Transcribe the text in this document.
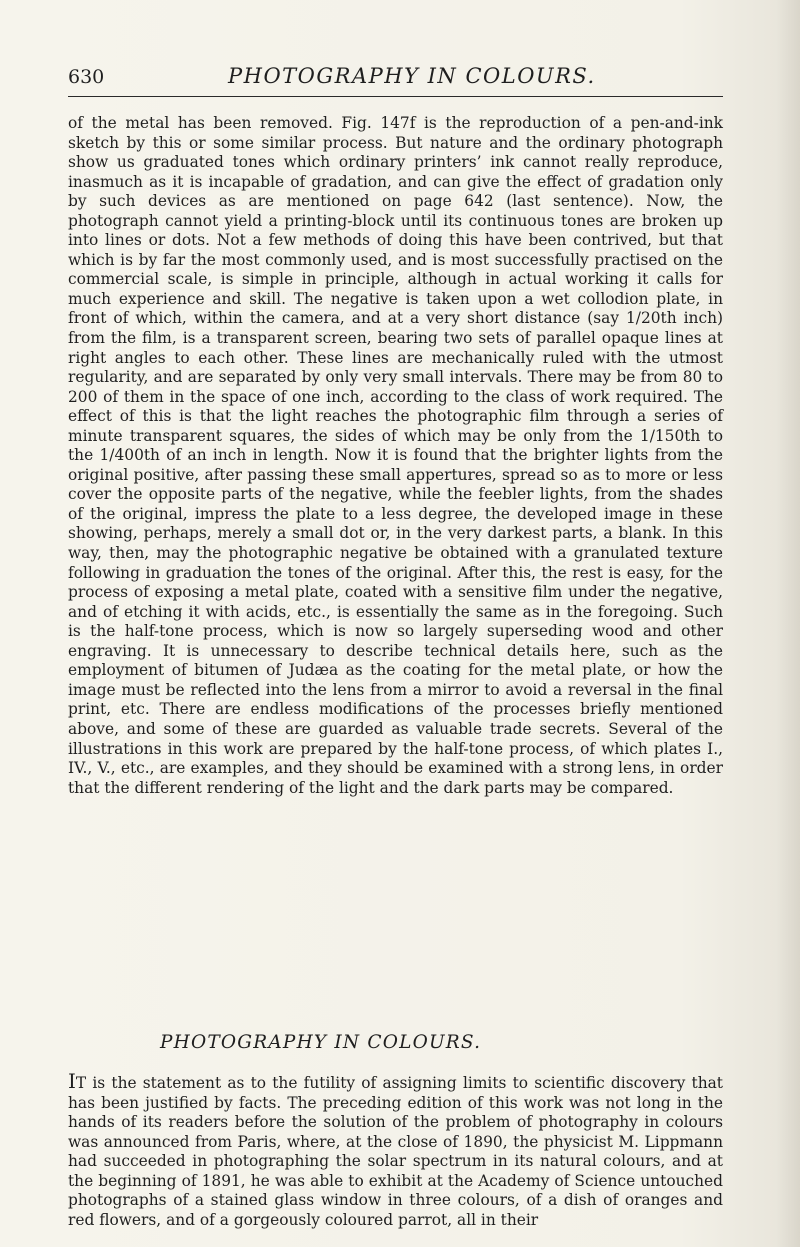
630	PHOTOGRAPHY IN COLOURS.

of the metal has been removed. Fig. 147f is the reproduction of a pen-and-ink sketch by this or some similar process. But nature and the ordinary photograph show us graduated tones which ordinary printers’ ink cannot really reproduce, inasmuch as it is incapable of gradation, and can give the effect of gradation only by such devices as are mentioned on page 642 (last sentence). Now, the photograph cannot yield a printing-block until its continuous tones are broken up into lines or dots. Not a few methods of doing this have been contrived, but that which is by far the most commonly used, and is most successfully practised on the commercial scale, is simple in principle, although in actual working it calls for much experience and skill. The negative is taken upon a wet collodion plate, in front of which, within the camera, and at a very short distance (say 1/20th inch) from the film, is a transparent screen, bearing two sets of parallel opaque lines at right angles to each other. These lines are mechanically ruled with the utmost regularity, and are separated by only very small intervals. There may be from 80 to 200 of them in the space of one inch, according to the class of work required. The effect of this is that the light reaches the photographic film through a series of minute transparent squares, the sides of which may be only from the 1/150th to the 1/400th of an inch in length. Now it is found that the brighter lights from the original positive, after passing these small appertures, spread so as to more or less cover the opposite parts of the negative, while the feebler lights, from the shades of the original, impress the plate to a less degree, the developed image in these showing, perhaps, merely a small dot or, in the very darkest parts, a blank. In this way, then, may the photographic negative be obtained with a granulated texture following in graduation the tones of the original. After this, the rest is easy, for the process of exposing a metal plate, coated with a sensitive film under the negative, and of etching it with acids, etc., is essentially the same as in the foregoing. Such is the half-tone process, which is now so largely superseding wood and other engraving. It is unnecessary to describe technical details here, such as the employment of bitumen of Judæa as the coating for the metal plate, or how the image must be reflected into the lens from a mirror to avoid a reversal in the final print, etc. There are endless modifications of the processes briefly mentioned above, and some of these are guarded as valuable trade secrets. Several of the illustrations in this work are prepared by the half-tone process, of which plates I., IV., V., etc., are examples, and they should be examined with a strong lens, in order that the different rendering of the light and the dark parts may be compared.

PHOTOGRAPHY IN COLOURS.

IT is the statement as to the futility of assigning limits to scientific discovery that has been justified by facts. The preceding edition of this work was not long in the hands of its readers before the solution of the problem of photography in colours was announced from Paris, where, at the close of 1890, the physicist M. Lippmann had succeeded in photographing the solar spectrum in its natural colours, and at the beginning of 1891, he was able to exhibit at the Academy of Science untouched photographs of a stained glass window in three colours, of a dish of oranges and red flowers, and of a gorgeously coloured parrot, all in their
